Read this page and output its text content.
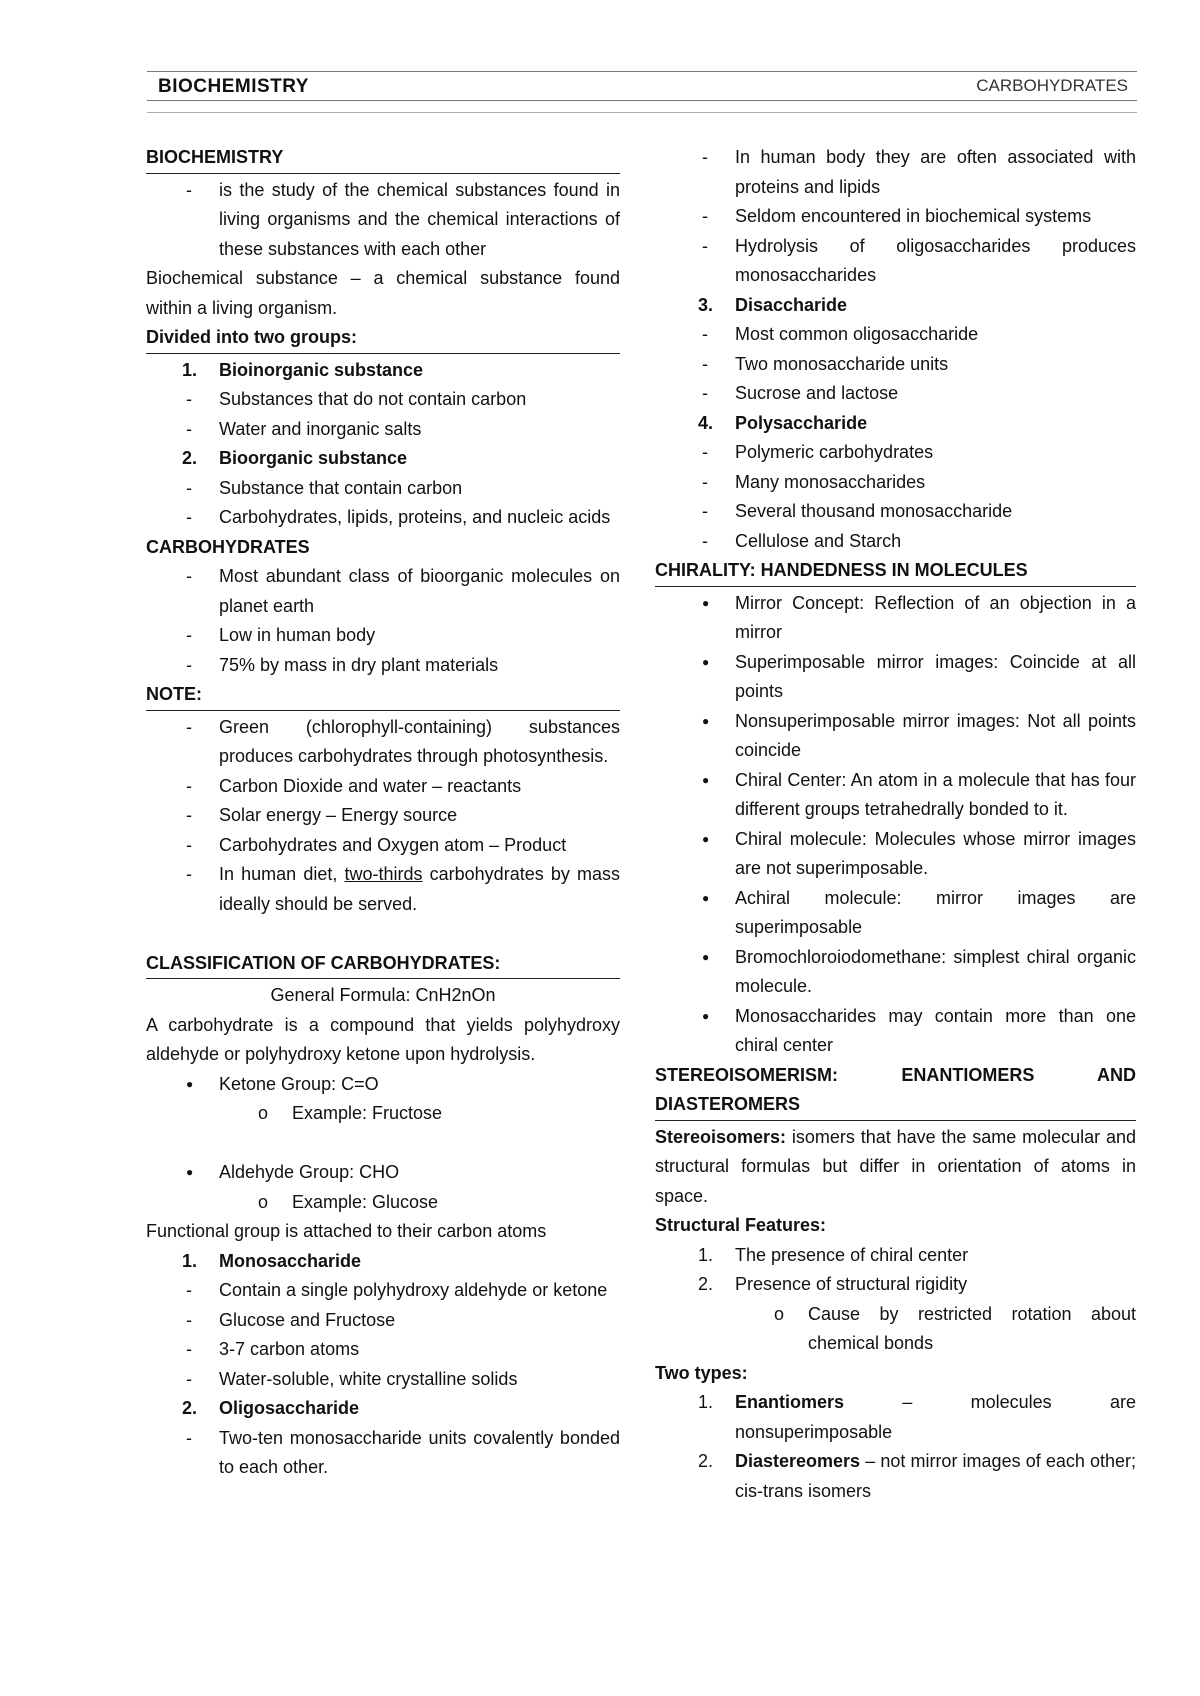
BIOCHEMISTRY	CARBOHYDRATES
BIOCHEMISTRY
- is the study of the chemical substances found in living organisms and the chemical interactions of these substances with each other
Biochemical substance – a chemical substance found within a living organism.
Divided into two groups:
1. Bioinorganic substance
- Substances that do not contain carbon
- Water and inorganic salts
2. Bioorganic substance
- Substance that contain carbon
- Carbohydrates, lipids, proteins, and nucleic acids
CARBOHYDRATES
- Most abundant class of bioorganic molecules on planet earth
- Low in human body
- 75% by mass in dry plant materials
NOTE:
- Green (chlorophyll-containing) substances produces carbohydrates through photosynthesis.
- Carbon Dioxide and water – reactants
- Solar energy – Energy source
- Carbohydrates and Oxygen atom – Product
- In human diet, two-thirds carbohydrates by mass ideally should be served.
CLASSIFICATION OF CARBOHYDRATES:
General Formula: CnH2nOn
A carbohydrate is a compound that yields polyhydroxy aldehyde or polyhydroxy ketone upon hydrolysis.
● Ketone Group: C=O
o Example: Fructose
● Aldehyde Group: CHO
o Example: Glucose
Functional group is attached to their carbon atoms
1. Monosaccharide
- Contain a single polyhydroxy aldehyde or ketone
- Glucose and Fructose
- 3-7 carbon atoms
- Water-soluble, white crystalline solids
2. Oligosaccharide
- Two-ten monosaccharide units covalently bonded to each other.
- In human body they are often associated with proteins and lipids
- Seldom encountered in biochemical systems
- Hydrolysis of oligosaccharides produces monosaccharides
3. Disaccharide
- Most common oligosaccharide
- Two monosaccharide units
- Sucrose and lactose
4. Polysaccharide
- Polymeric carbohydrates
- Many monosaccharides
- Several thousand monosaccharide
- Cellulose and Starch
CHIRALITY: HANDEDNESS IN MOLECULES
● Mirror Concept: Reflection of an objection in a mirror
● Superimposable mirror images: Coincide at all points
● Nonsuperimposable mirror images: Not all points coincide
● Chiral Center: An atom in a molecule that has four different groups tetrahedrally bonded to it.
● Chiral molecule: Molecules whose mirror images are not superimposable.
● Achiral molecule: mirror images are superimposable
● Bromochloroiodomethane: simplest chiral organic molecule.
● Monosaccharides may contain more than one chiral center
STEREOISOMERISM: ENANTIOMERS AND DIASTEROMERS
Stereoisomers: isomers that have the same molecular and structural formulas but differ in orientation of atoms in space.
Structural Features:
1. The presence of chiral center
2. Presence of structural rigidity
o Cause by restricted rotation about chemical bonds
Two types:
1. Enantiomers – molecules are nonsuperimposable
2. Diastereomers – not mirror images of each other; cis-trans isomers
